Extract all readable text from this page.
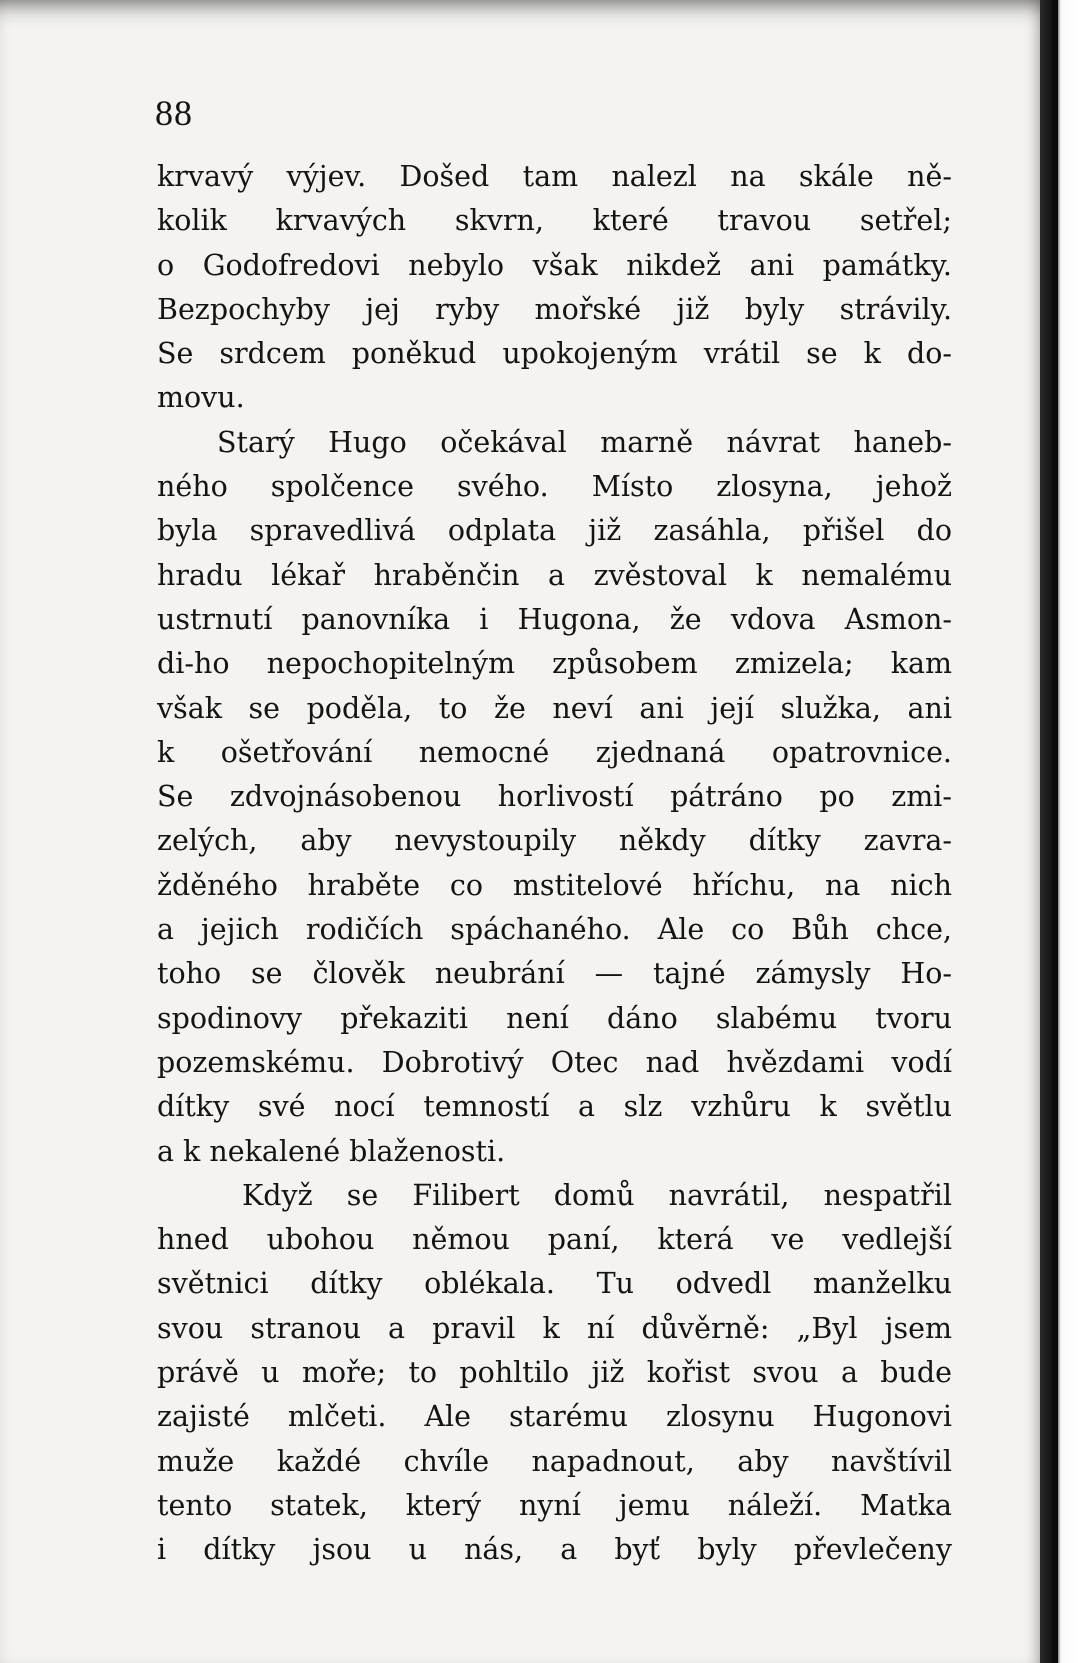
88
krvavý výjev. Došed tam nalezl na skále ně-
kolik krvavých skvrn, které travou setřel;
o Godofredovi nebylo však nikdež ani památky.
Bezpochyby jej ryby mořské již byly strávily.
Se srdcem poněkud upokojeným vrátil se k do-
movu.
Starý Hugo očekával marně návrat haneb-
ného spolčence svého. Místo zlosyna, jehož
byla spravedlivá odplata již zasáhla, přišel do
hradu lékař hraběnčin a zvěstoval k nemalému
ustrnutí panovníka i Hugona, že vdova Asmon-
di-ho nepochopitelným způsobem zmizela; kam
však se poděla, to že neví ani její služka, ani
k ošetřování nemocné zjednaná opatrovnice.
Se zdvojnásobenou horlivostí pátráno po zmi-
zelých, aby nevystoupily někdy dítky zavra-
žděného hraběte co mstitelové hříchu, na nich
a jejich rodičích spáchaného. Ale co Bůh chce,
toho se člověk neubrání — tajné zámysly Ho-
spodinovy překaziti není dáno slabému tvoru
pozemskému. Dobrotivý Otec nad hvězdami vodí
dítky své nocí temností a slz vzhůru k světlu
a k nekalené blaženosti.
Když se Filibert domů navrátil, nespatřil
hned ubohou němou paní, která ve vedlejší
světnici dítky oblékala. Tu odvedl manželku
svou stranou a pravil k ní důvěrně: „Byl jsem
právě u moře; to pohltilo již kořist svou a bude
zajisté mlčeti. Ale starému zlosynu Hugonovi
muže každé chvíle napadnout, aby navštívil
tento statek, který nyní jemu náleží. Matka
i dítky jsou u nás, a byť byly převlečeny
